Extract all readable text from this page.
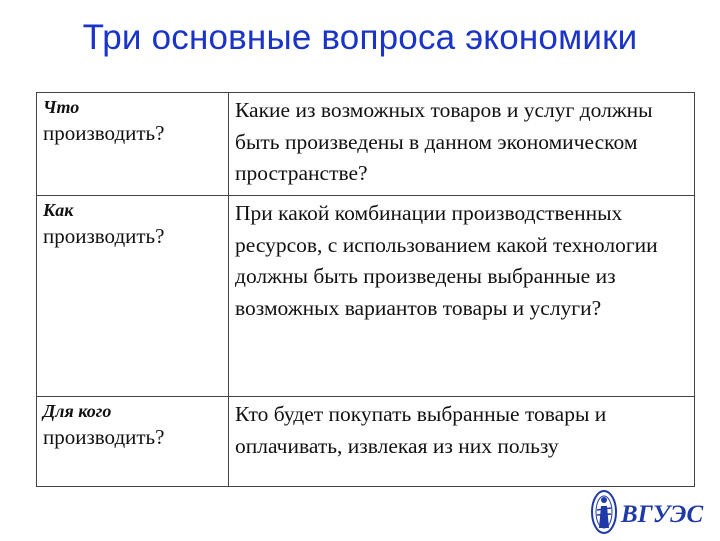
Три основные вопроса экономики
Что
производить?	Какие из возможных товаров и услуг должны быть произведены в данном экономическом пространстве?

Как
производить?	При какой комбинации производственных ресурсов, с использованием какой технологии должны быть произведены выбранные из возможных вариантов товары и услуги?

Для кого
производить?	Кто будет покупать выбранные товары и оплачивать, извлекая из них пользу
ВГУЭС
